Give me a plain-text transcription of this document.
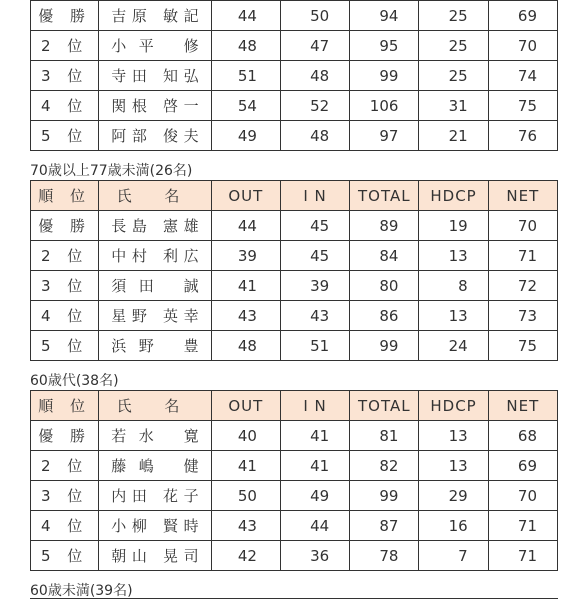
優 勝	吉原 敏記	44	50	94	25	69
2 位	小平 修	48	47	95	25	70
3 位	寺田 知弘	51	48	99	25	74
4 位	関根 啓一	54	52	106	31	75
5 位	阿部 俊夫	49	48	97	21	76
70歳以上77歳未満(26名)
順 位	氏 名	OUT	I N	TOTAL	HDCP	NET
優 勝	長島 憲雄	44	45	89	19	70
2 位	中村 利広	39	45	84	13	71
3 位	須田 誠	41	39	80	8	72
4 位	星野 英幸	43	43	86	13	73
5 位	浜野 豊	48	51	99	24	75
60歳代(38名)
順 位	氏 名	OUT	I N	TOTAL	HDCP	NET
優 勝	若水 寛	40	41	81	13	68
2 位	藤嶋 健	41	41	82	13	69
3 位	内田 花子	50	49	99	29	70
4 位	小柳 賢時	43	44	87	16	71
5 位	朝山 晃司	42	36	78	7	71
60歳未満(39名)
